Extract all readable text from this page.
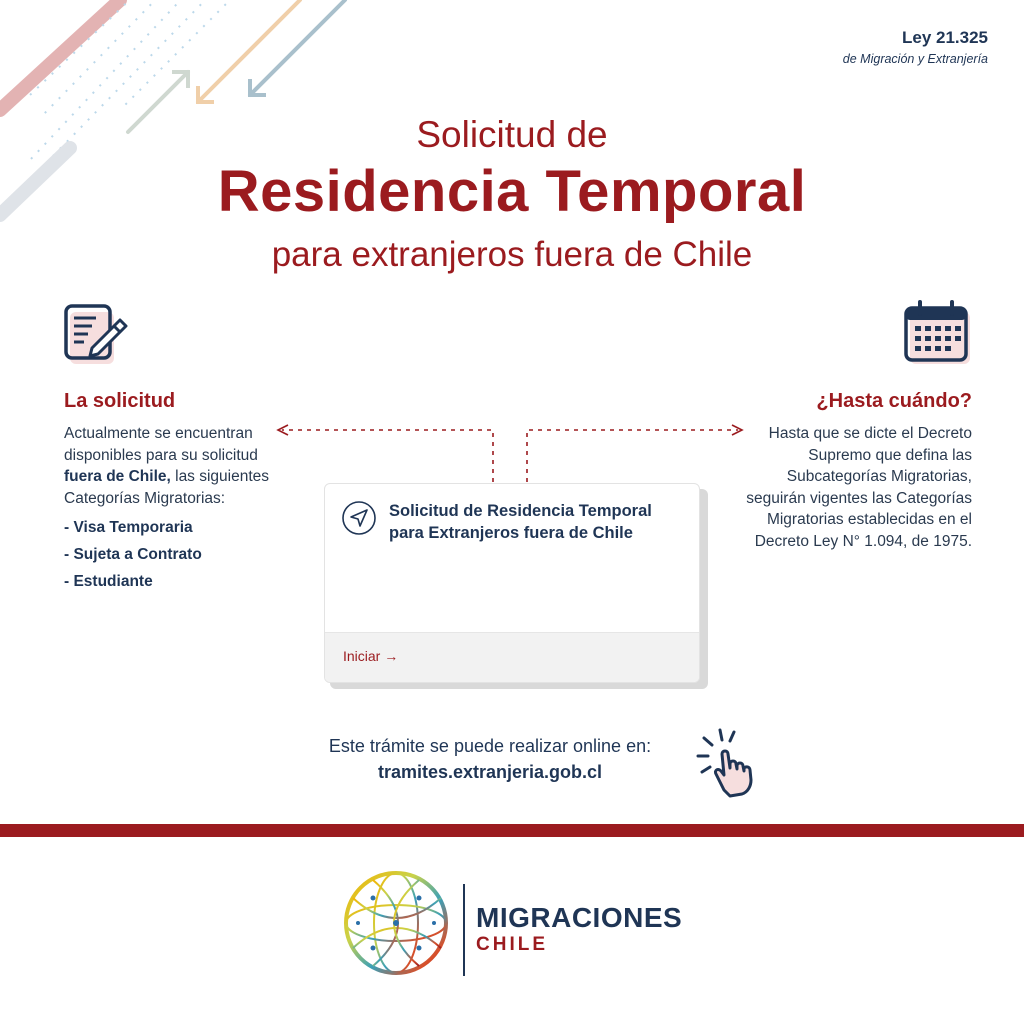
Ley 21.325
de Migración y Extranjería
Solicitud de
Residencia Temporal
para extranjeros fuera de Chile
La solicitud
Actualmente se encuentran disponibles para su solicitud fuera de Chile, las siguientes Categorías Migratorias:
- Visa Temporaria
- Sujeta a Contrato
- Estudiante
¿Hasta cuándo?
Hasta que se dicte el Decreto Supremo que defina las Subcategorías Migratorias, seguirán vigentes las Categorías Migratorias establecidas en el Decreto Ley N° 1.094, de 1975.
Solicitud de Residencia Temporal
para Extranjeros fuera de Chile
Iniciar →
Este trámite se puede realizar online en:
tramites.extranjeria.gob.cl
MIGRACIONES
CHILE
